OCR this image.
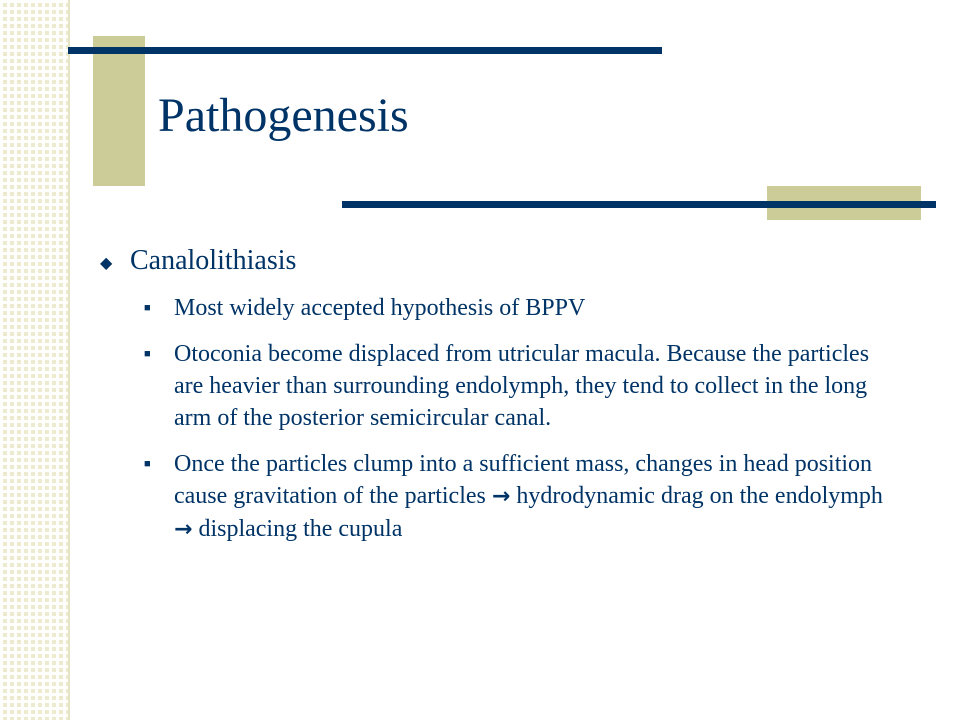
Pathogenesis
◆ Canalolithiasis
■ Most widely accepted hypothesis of BPPV
■ Otoconia become displaced from utricular macula. Because the particles are heavier than surrounding endolymph, they tend to collect in the long arm of the posterior semicircular canal.
■ Once the particles clump into a sufficient mass, changes in head position cause gravitation of the particles → hydrodynamic drag on the endolymph → displacing the cupula
